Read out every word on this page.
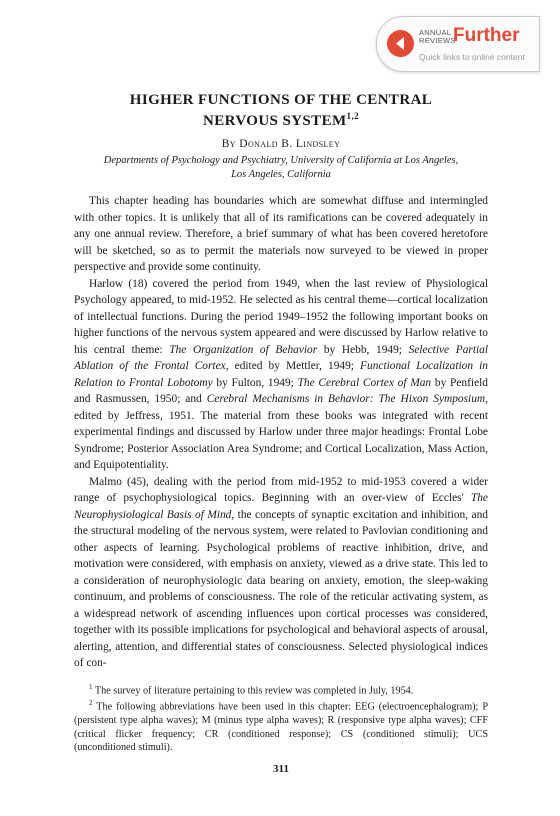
ANNUAL
REVIEWS
Further
Quick links to online content
HIGHER FUNCTIONS OF THE CENTRAL
NERVOUS SYSTEM$^{1,2}$
By Donald B. Lindsley
Departments of Psychology and Psychiatry, University of California at Los Angeles,
Los Angeles, California

This chapter heading has boundaries which are somewhat diffuse and intermingled with other topics. It is unlikely that all of its ramifications can be covered adequately in any one annual review. Therefore, a brief summary of what has been covered heretofore will be sketched, so as to permit the materials now surveyed to be viewed in proper perspective and provide some continuity.

Harlow (18) covered the period from 1949, when the last review of Physiological Psychology appeared, to mid-1952. He selected as his central theme—cortical localization of intellectual functions. During the period 1949–1952 the following important books on higher functions of the nervous system appeared and were discussed by Harlow relative to his central theme: The Organization of Behavior by Hebb, 1949; Selective Partial Ablation of the Frontal Cortex, edited by Mettler, 1949; Functional Localization in Relation to Frontal Lobotomy by Fulton, 1949; The Cerebral Cortex of Man by Penfield and Rasmussen, 1950; and Cerebral Mechanisms in Behavior: The Hixon Symposium, edited by Jeffress, 1951. The material from these books was integrated with recent experimental findings and discussed by Harlow under three major headings: Frontal Lobe Syndrome; Posterior Association Area Syndrome; and Cortical Localization, Mass Action, and Equipotentiality.

Malmo (45), dealing with the period from mid-1952 to mid-1953 covered a wider range of psychophysiological topics. Beginning with an over-view of Eccles' The Neurophysiological Basis of Mind, the concepts of synaptic excitation and inhibition, and the structural modeling of the nervous system, were related to Pavlovian conditioning and other aspects of learning. Psychological problems of reactive inhibition, drive, and motivation were considered, with emphasis on anxiety, viewed as a drive state. This led to a consideration of neurophysiologic data bearing on anxiety, emotion, the sleep-waking continuum, and problems of consciousness. The role of the reticular activating system, as a widespread network of ascending influences upon cortical processes was considered, together with its possible implications for psychological and behavioral aspects of arousal, alerting, attention, and differential states of consciousness. Selected physiological indices of con-

$^1$ The survey of literature pertaining to this review was completed in July, 1954.

$^2$ The following abbreviations have been used in this chapter: EEG (electroencephalogram); P (persistent type alpha waves); M (minus type alpha waves); R (responsive type alpha waves); CFF (critical flicker frequency; CR (conditioned response); CS (conditioned stimuli); UCS (unconditioned stimuli).

311
